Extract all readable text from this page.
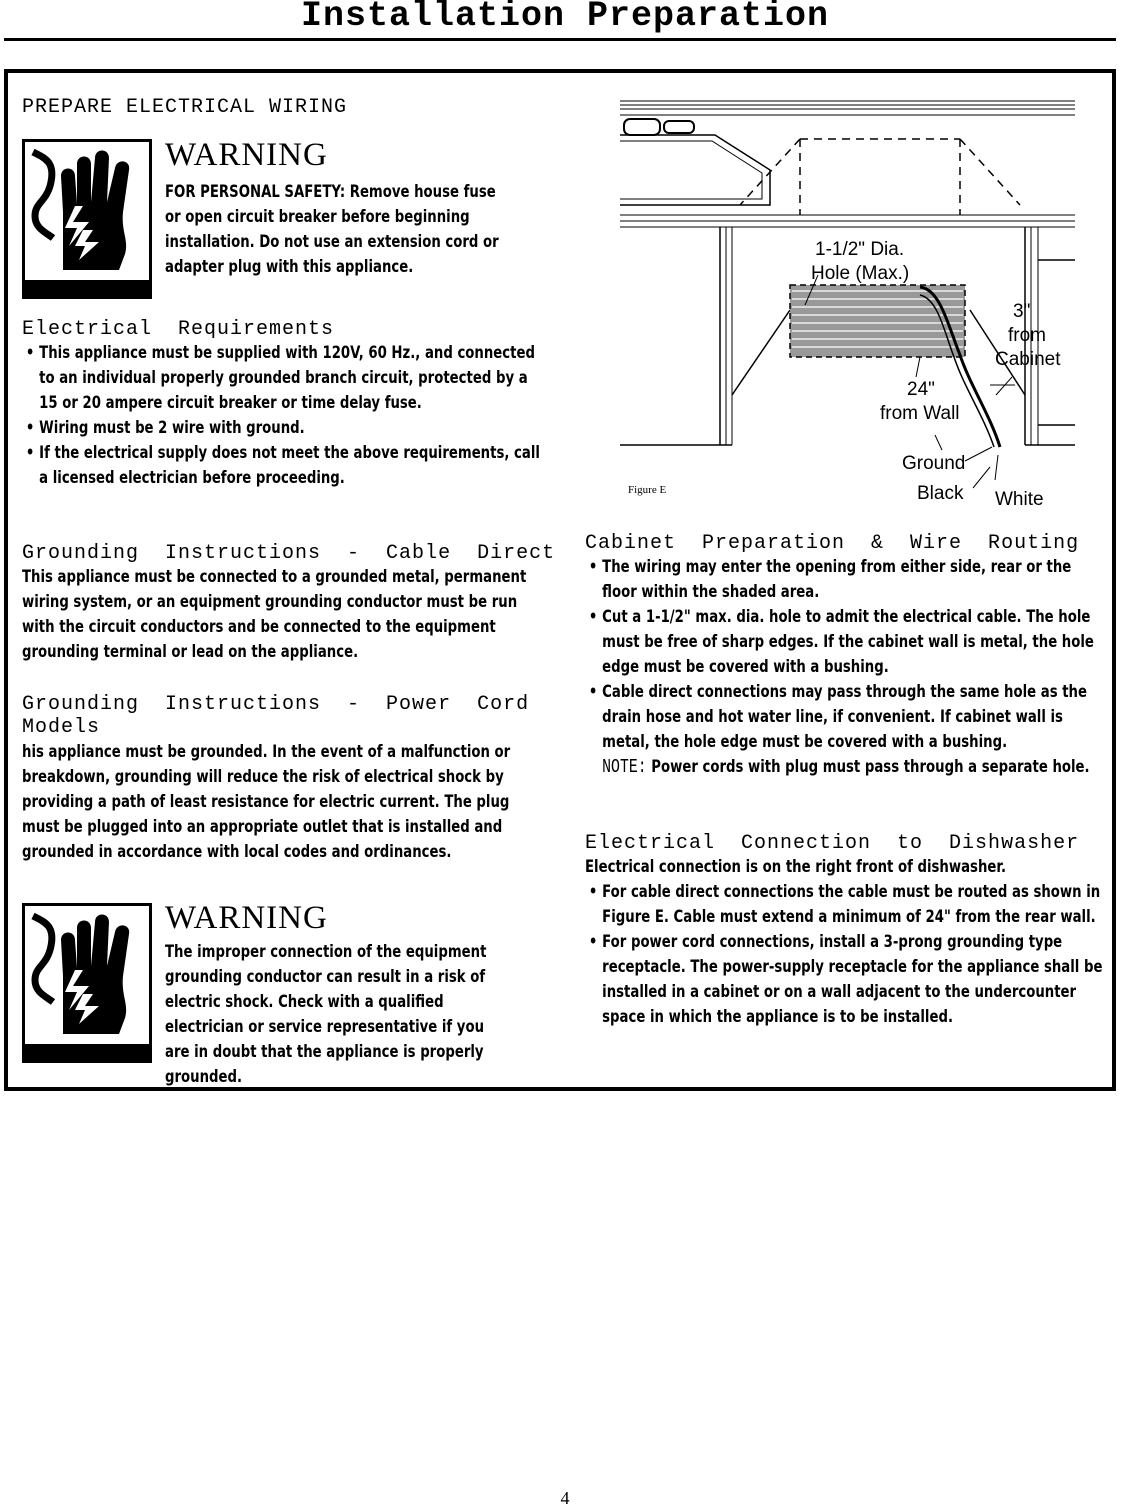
Installation Preparation
PREPARE ELECTRICAL WIRING
WARNING

FOR PERSONAL SAFETY: Remove house fuse

or open circuit breaker before beginning

installation. Do not use an extension cord or

adapter plug with this appliance.

Electrical  Requirements
• This appliance must be supplied with 120V, 60 Hz., and connected to an individual properly grounded branch circuit, protected by a 15 or 20 ampere circuit breaker or time delay fuse.
• Wiring must be 2 wire with ground.
• If the electrical supply does not meet the above requirements, call a licensed electrician before proceeding.
Grounding  Instructions  -  Cable  Direct

This appliance must be connected to a grounded metal, permanent wiring system, or an equipment grounding conductor must be run with the circuit conductors and be connected to the equipment grounding terminal or lead on the appliance.

Grounding  Instructions  -  Power  Cord
Models

his appliance must be grounded. In the event of a malfunction or breakdown, grounding will reduce the risk of electrical shock by providing a path of least resistance for electric current. The plug must be plugged into an appropriate outlet that is installed and grounded in accordance with local codes and ordinances.

WARNING

The improper connection of the equipment

grounding conductor can result in a risk of

electric shock. Check with a qualified

electrician or service representative if you

are in doubt that the appliance is properly

grounded.

1-1/2" Dia.
Hole (Max.)
3"
from
Cabinet
24"
from Wall
Ground
Black White
Figure E
Cabinet  Preparation  &  Wire  Routing
• The wiring may enter the opening from either side, rear or the floor within the shaded area.
• Cut a 1-1/2" max. dia. hole to admit the electrical cable. The hole must be free of sharp edges. If the cabinet wall is metal, the hole edge must be covered with a bushing.
• Cable direct connections may pass through the same hole as the drain hose and hot water line, if convenient. If cabinet wall is metal, the hole edge must be covered with a bushing.

NOTE: Power cords with plug must pass through a separate hole.

Electrical  Connection  to  Dishwasher

Electrical connection is on the right front of dishwasher.

• For cable direct connections the cable must be routed as shown in Figure E. Cable must extend a minimum of 24" from the rear wall.
• For power cord connections, install a 3-prong grounding type receptacle. The power-supply receptacle for the appliance shall be installed in a cabinet or on a wall adjacent to the undercounter space in which the appliance is to be installed.
4
